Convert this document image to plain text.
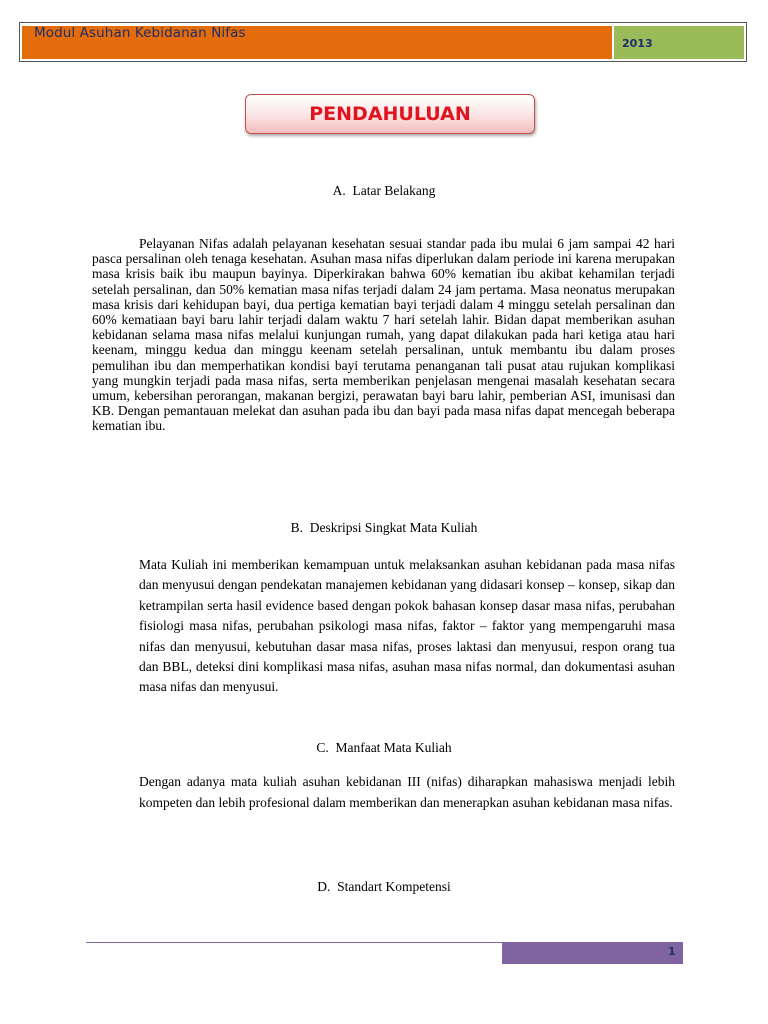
Modul Asuhan Kebidanan Nifas
2013
PENDAHULUAN
A.  Latar Belakang

Pelayanan Nifas adalah pelayanan kesehatan sesuai standar pada ibu mulai 6 jam sampai 42 hari pasca persalinan oleh tenaga kesehatan. Asuhan masa nifas diperlukan dalam periode ini karena merupakan masa krisis baik ibu maupun bayinya. Diperkirakan bahwa 60% kematian ibu akibat kehamilan terjadi setelah persalinan, dan 50% kematian masa nifas terjadi dalam 24 jam pertama. Masa neonatus merupakan masa krisis dari kehidupan bayi, dua pertiga kematian bayi terjadi dalam 4 minggu setelah persalinan dan 60% kematiaan bayi baru lahir terjadi dalam waktu 7 hari setelah lahir. Bidan dapat memberikan asuhan kebidanan selama masa nifas melalui kunjungan rumah, yang dapat dilakukan pada hari ketiga atau hari keenam, minggu kedua dan minggu keenam setelah persalinan, untuk membantu ibu dalam proses pemulihan ibu dan memperhatikan kondisi bayi terutama penanganan tali pusat atau rujukan komplikasi yang mungkin terjadi pada masa nifas, serta memberikan penjelasan mengenai masalah kesehatan secara umum, kebersihan perorangan, makanan bergizi, perawatan bayi baru lahir, pemberian ASI, imunisasi dan KB. Dengan pemantauan melekat dan asuhan pada ibu dan bayi pada masa nifas dapat mencegah beberapa kematian ibu.

B.  Deskripsi Singkat Mata Kuliah

Mata Kuliah ini memberikan kemampuan untuk melaksankan asuhan kebidanan pada masa nifas dan menyusui dengan pendekatan manajemen kebidanan yang didasari konsep – konsep, sikap dan ketrampilan serta hasil evidence based dengan pokok bahasan konsep dasar masa nifas, perubahan fisiologi masa nifas, perubahan psikologi masa nifas, faktor – faktor yang mempengaruhi masa nifas dan menyusui, kebutuhan dasar masa nifas, proses laktasi dan menyusui, respon orang tua dan BBL, deteksi dini komplikasi masa nifas, asuhan masa nifas normal, dan dokumentasi asuhan masa nifas dan menyusui.

C.  Manfaat Mata Kuliah

Dengan adanya mata kuliah asuhan kebidanan III (nifas) diharapkan mahasiswa menjadi lebih kompeten dan lebih profesional dalam memberikan dan menerapkan asuhan kebidanan masa nifas.

D.  Standart Kompetensi
1
